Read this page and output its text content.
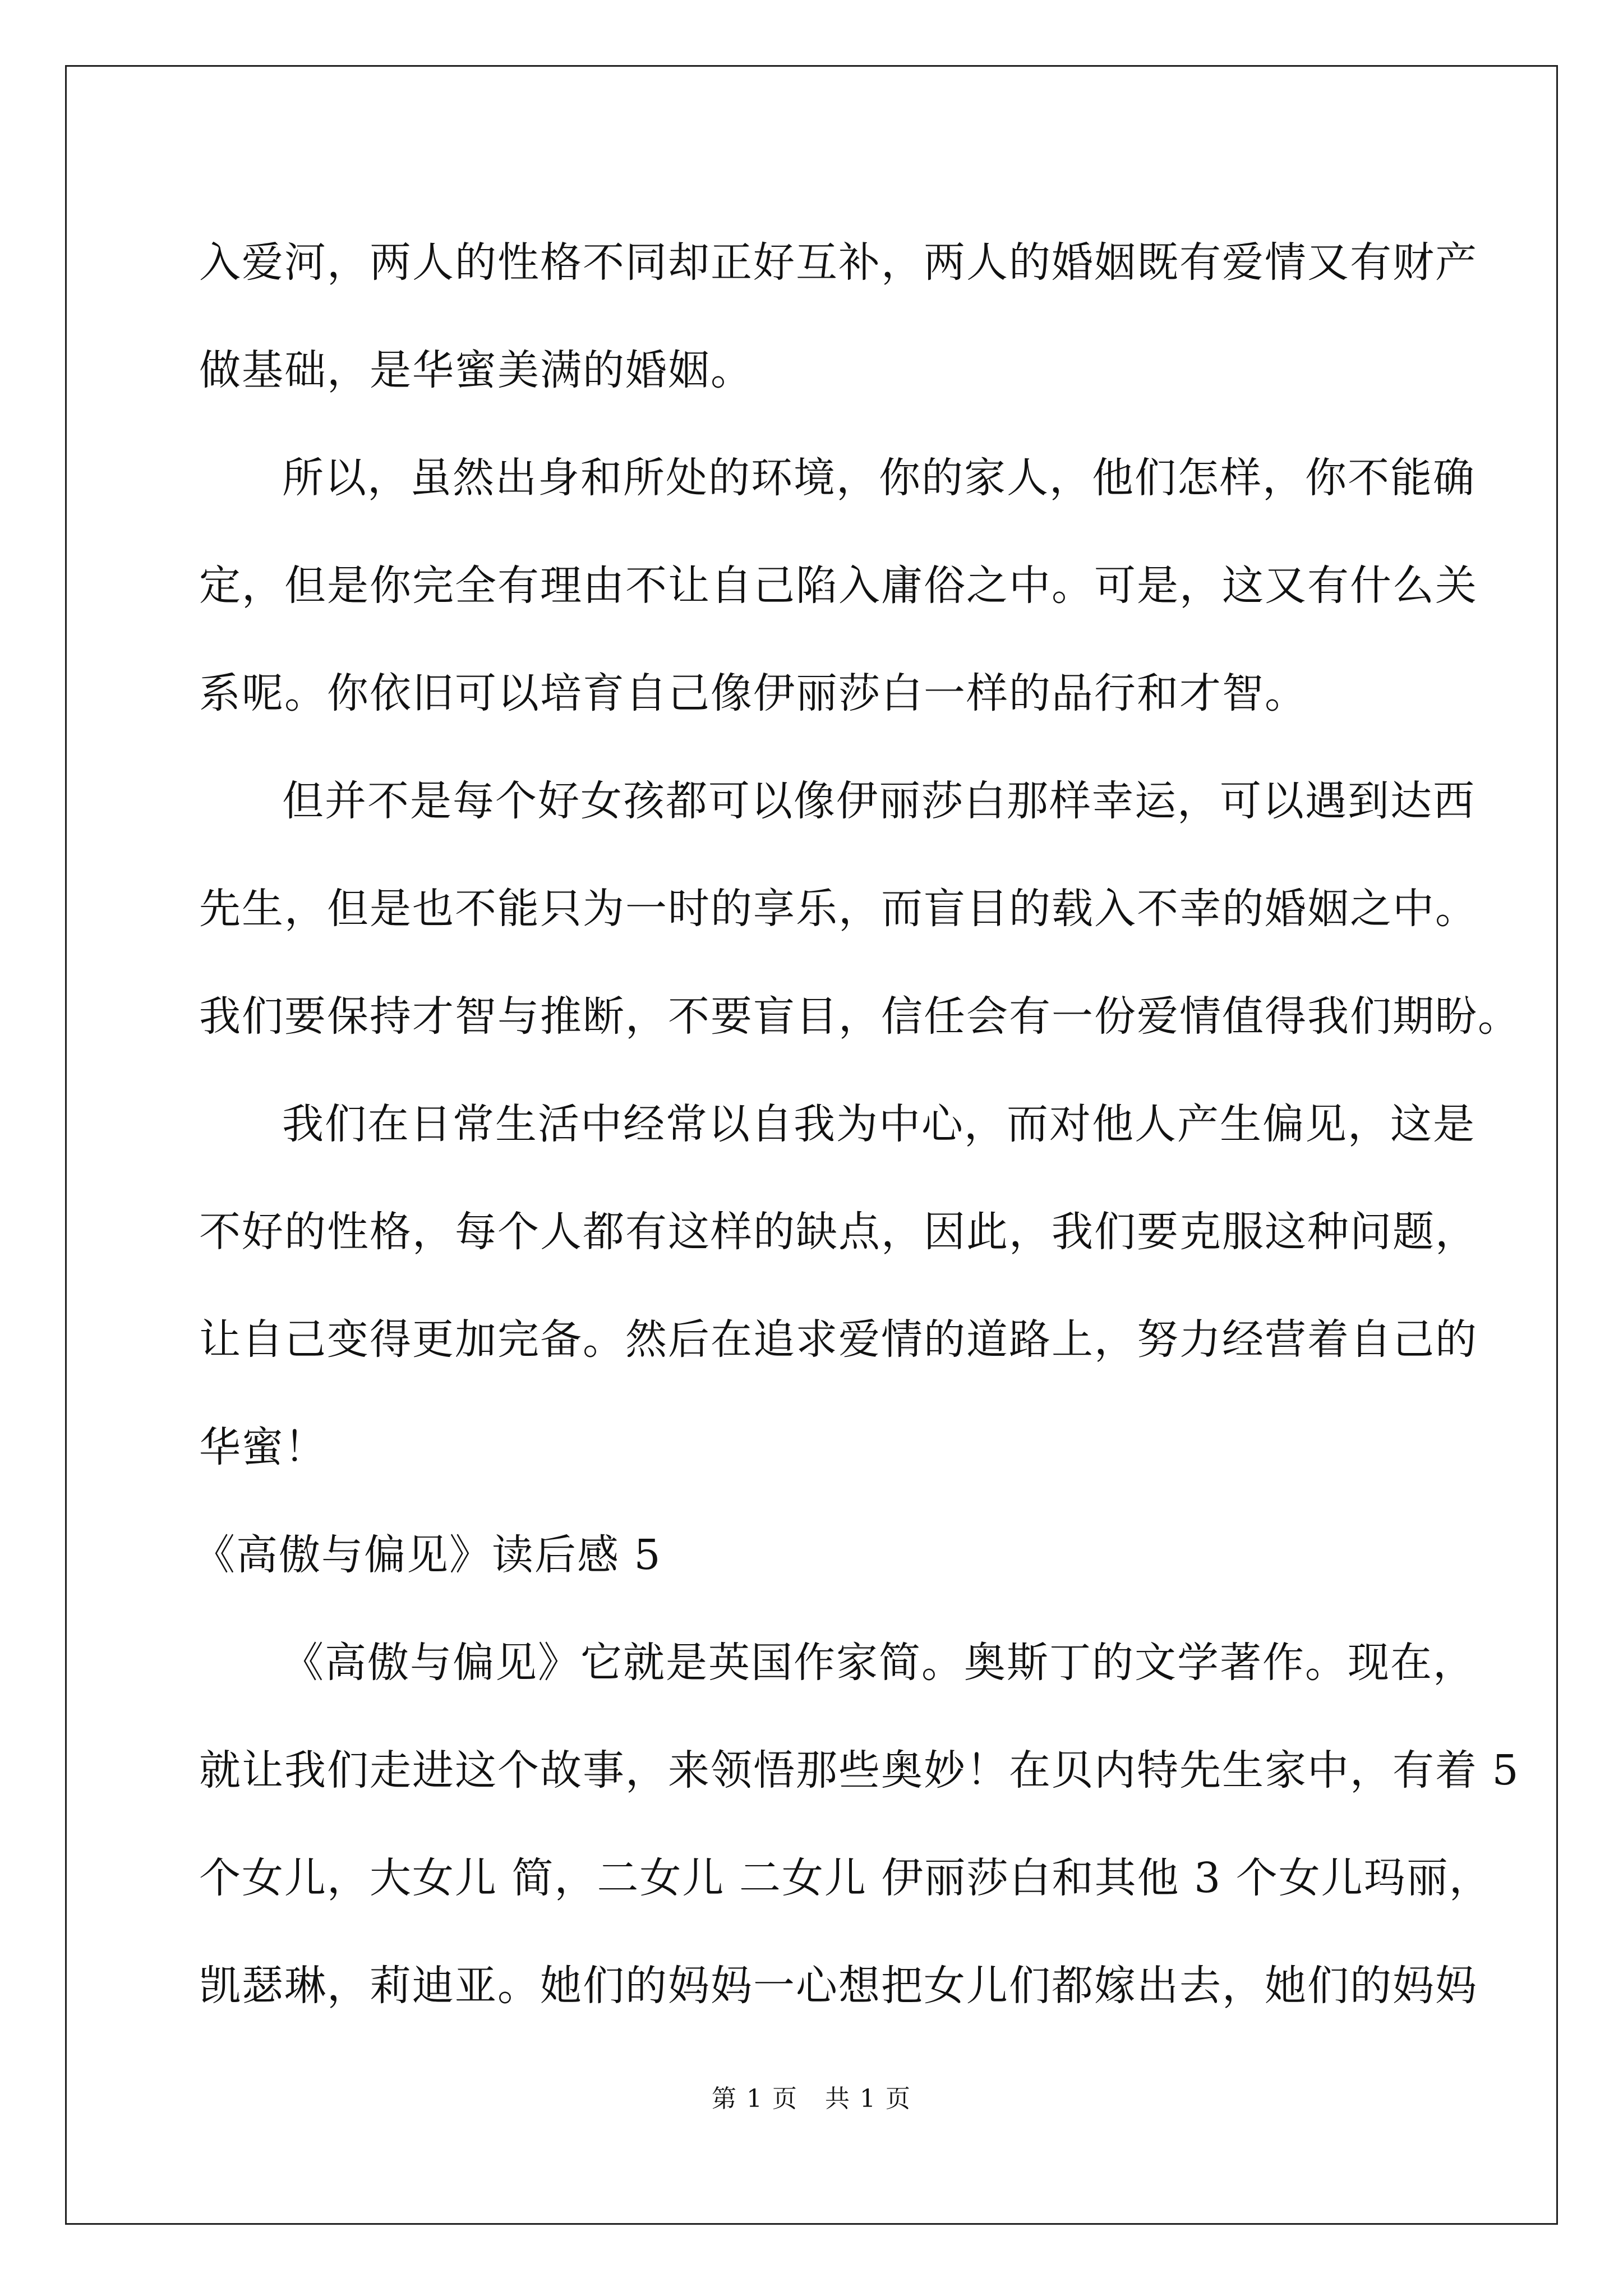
入爱河，两人的性格不同却正好互补，两人的婚姻既有爱情又有财产
做基础，是华蜜美满的婚姻。
所以，虽然出身和所处的环境，你的家人，他们怎样，你不能确
定，但是你完全有理由不让自己陷入庸俗之中。可是，这又有什么关
系呢。你依旧可以培育自己像伊丽莎白一样的品行和才智。
但并不是每个好女孩都可以像伊丽莎白那样幸运，可以遇到达西
先生，但是也不能只为一时的享乐，而盲目的载入不幸的婚姻之中。
我们要保持才智与推断，不要盲目，信任会有一份爱情值得我们期盼。
我们在日常生活中经常以自我为中心，而对他人产生偏见，这是
不好的性格，每个人都有这样的缺点，因此，我们要克服这种问题，
让自己变得更加完备。然后在追求爱情的道路上，努力经营着自己的
华蜜！
《高傲与偏见》读后感 5
《高傲与偏见》它就是英国作家简。奥斯丁的文学著作。现在，
就让我们走进这个故事，来领悟那些奥妙！在贝内特先生家中，有着 5
个女儿，大女儿 简，二女儿 二女儿 伊丽莎白和其他 3 个女儿玛丽，
凯瑟琳，莉迪亚。她们的妈妈一心想把女儿们都嫁出去，她们的妈妈
第 1 页   共 1 页
